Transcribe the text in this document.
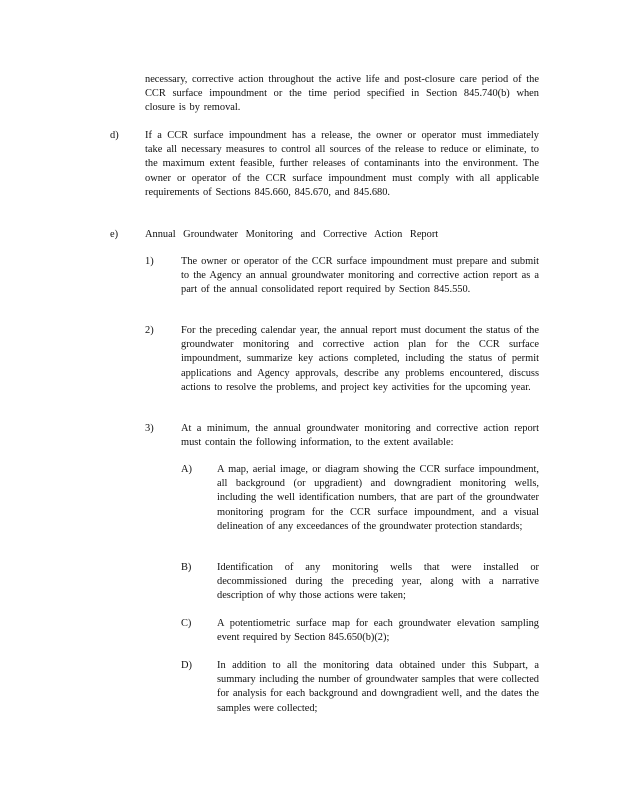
necessary, corrective action throughout the active life and post-closure care period of the CCR surface impoundment or the time period specified in Section 845.740(b) when closure is by removal.
d)	If a CCR surface impoundment has a release, the owner or operator must immediately take all necessary measures to control all sources of the release to reduce or eliminate, to the maximum extent feasible, further releases of contaminants into the environment. The owner or operator of the CCR surface impoundment must comply with all applicable requirements of Sections 845.660, 845.670, and 845.680.
e)	Annual Groundwater Monitoring and Corrective Action Report
1)	The owner or operator of the CCR surface impoundment must prepare and submit to the Agency an annual groundwater monitoring and corrective action report as a part of the annual consolidated report required by Section 845.550.
2)	For the preceding calendar year, the annual report must document the status of the groundwater monitoring and corrective action plan for the CCR surface impoundment, summarize key actions completed, including the status of permit applications and Agency approvals, describe any problems encountered, discuss actions to resolve the problems, and project key activities for the upcoming year.
3)	At a minimum, the annual groundwater monitoring and corrective action report must contain the following information, to the extent available:
A) A map, aerial image, or diagram showing the CCR surface impoundment, all background (or upgradient) and downgradient monitoring wells, including the well identification numbers, that are part of the groundwater monitoring program for the CCR surface impoundment, and a visual delineation of any exceedances of the groundwater protection standards;
B) Identification of any monitoring wells that were installed or decommissioned during the preceding year, along with a narrative description of why those actions were taken;
C) A potentiometric surface map for each groundwater elevation sampling event required by Section 845.650(b)(2);
D) In addition to all the monitoring data obtained under this Subpart, a summary including the number of groundwater samples that were collected for analysis for each background and downgradient well, and the dates the samples were collected;
